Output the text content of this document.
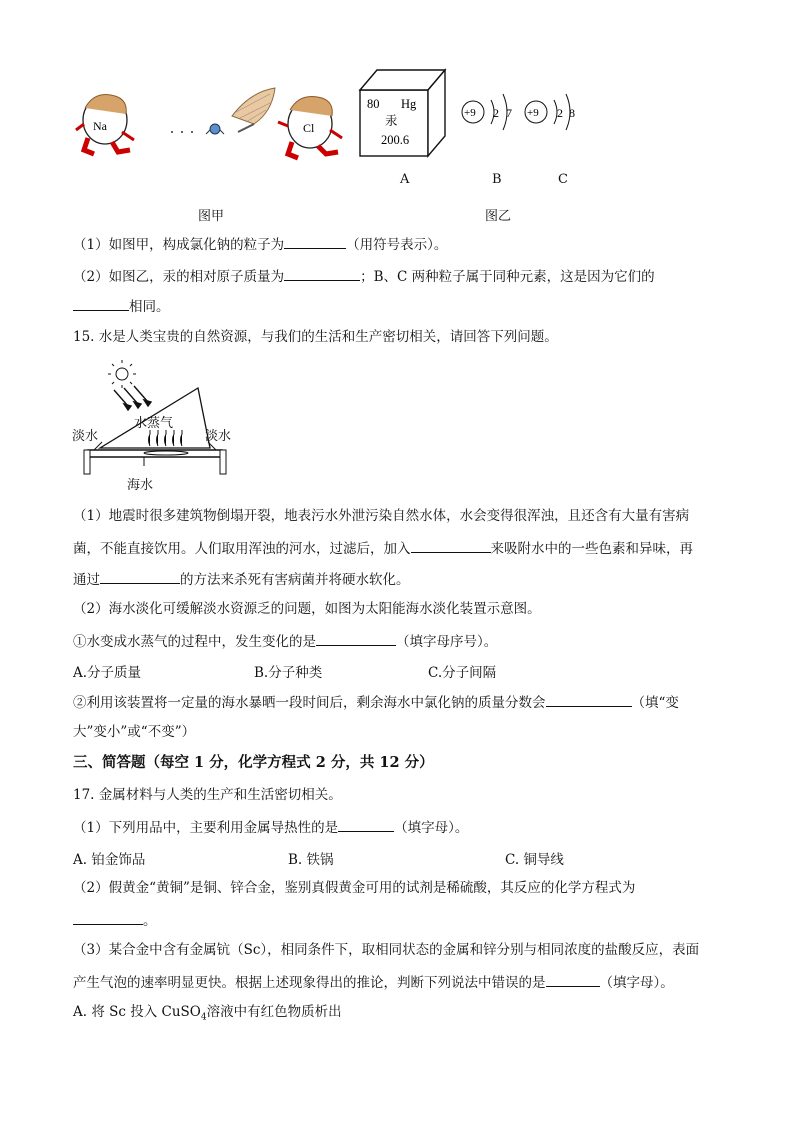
Na	Cl
80 Hg
汞
200.6
+9 2 7 +9 2 8
A	B	C
图甲	图乙
（1）如图甲，构成氯化钠的粒子为	（用符号表示）。
（2）如图乙，汞的相对原子质量为	；B、C 两种粒子属于同种元素，这是因为它们的
相同。
15. 水是人类宝贵的自然资源，与我们的生活和生产密切相关，请回答下列问题。
水蒸气
淡水	淡水
海水
（1）地震时很多建筑物倒塌开裂，地表污水外泄污染自然水体，水会变得很浑浊，且还含有大量有害病
菌，不能直接饮用。人们取用浑浊的河水，过滤后，加入	来吸附水中的一些色素和异味，再
通过	的方法来杀死有害病菌并将硬水软化。
（2）海水淡化可缓解淡水资源乏的问题，如图为太阳能海水淡化装置示意图。
①水变成水蒸气的过程中，发生变化的是	（填字母序号）。
A.分子质量	B.分子种类	C.分子间隔
②利用该装置将一定量的海水暴晒一段时间后，剩余海水中氯化钠的质量分数会	（填“变
大”变小”或“不变”）
三、简答题（每空 1 分，化学方程式 2 分，共 12 分）
17. 金属材料与人类的生产和生活密切相关。
（1）下列用品中，主要利用金属导热性的是	（填字母）。
A. 铂金饰品	B. 铁锅	C. 铜导线
（2）假黄金“黄铜”是铜、锌合金，鉴别真假黄金可用的试剂是稀硫酸，其反应的化学方程式为
。
（3）某合金中含有金属钪（Sc），相同条件下，取相同状态的金属和锌分别与相同浓度的盐酸反应，表面
产生气泡的速率明显更快。根据上述现象得出的推论，判断下列说法中错误的是	（填字母）。
A. 将 Sc 投入 CuSO$_4$溶液中有红色物质析出
